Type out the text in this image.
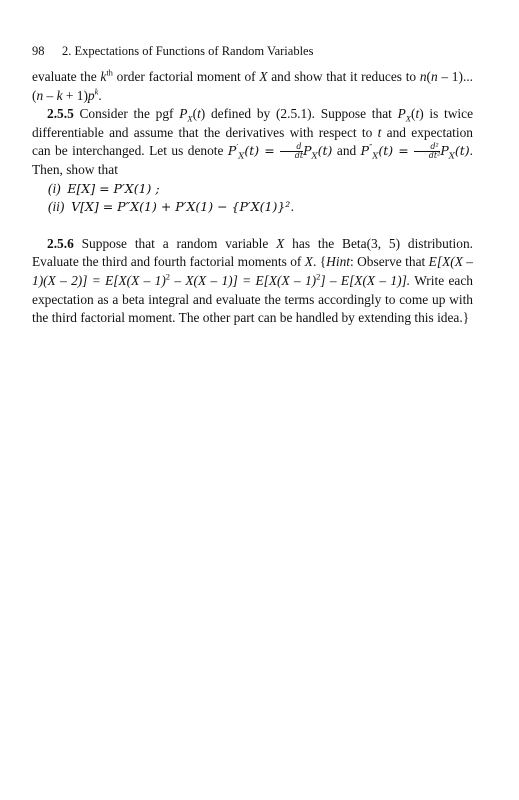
98 2. Expectations of Functions of Random Variables

evaluate the $k^{th}$ order factorial moment of X and show that it reduces to $n(n - 1)...(n - k + 1)p^k$.

2.5.5 Consider the pgf $P_X(t)$ defined by (2.5.1). Suppose that $P_X(t)$ is twice differentiable and assume that the derivatives with respect to t and expectation can be interchanged. Let us denote $P'_X(t) = \frac{d}{dt} P_X(t)$ and $P''_X(t) = \frac{\text{d²}}{\text{dt²}} P_X(t)$. Then, show that

(i) E[X] = P′X(1) ;

(ii) V[X] = P″X(1) + P′X(1) − {P′X(1)}².

2.5.6 Suppose that a random variable X has the Beta(3, 5) distribution. Evaluate the third and fourth factorial moments of X. {Hint: Observe that E[X(X – 1)(X – 2)] = E[X(X – 1)$^2$ – X(X – 1)] = E[X(X – 1)$^2$] – E[X(X – 1)]. Write each expectation as a beta integral and evaluate the terms accordingly to come up with the third factorial moment. The other part can be handled by extending this idea.}
